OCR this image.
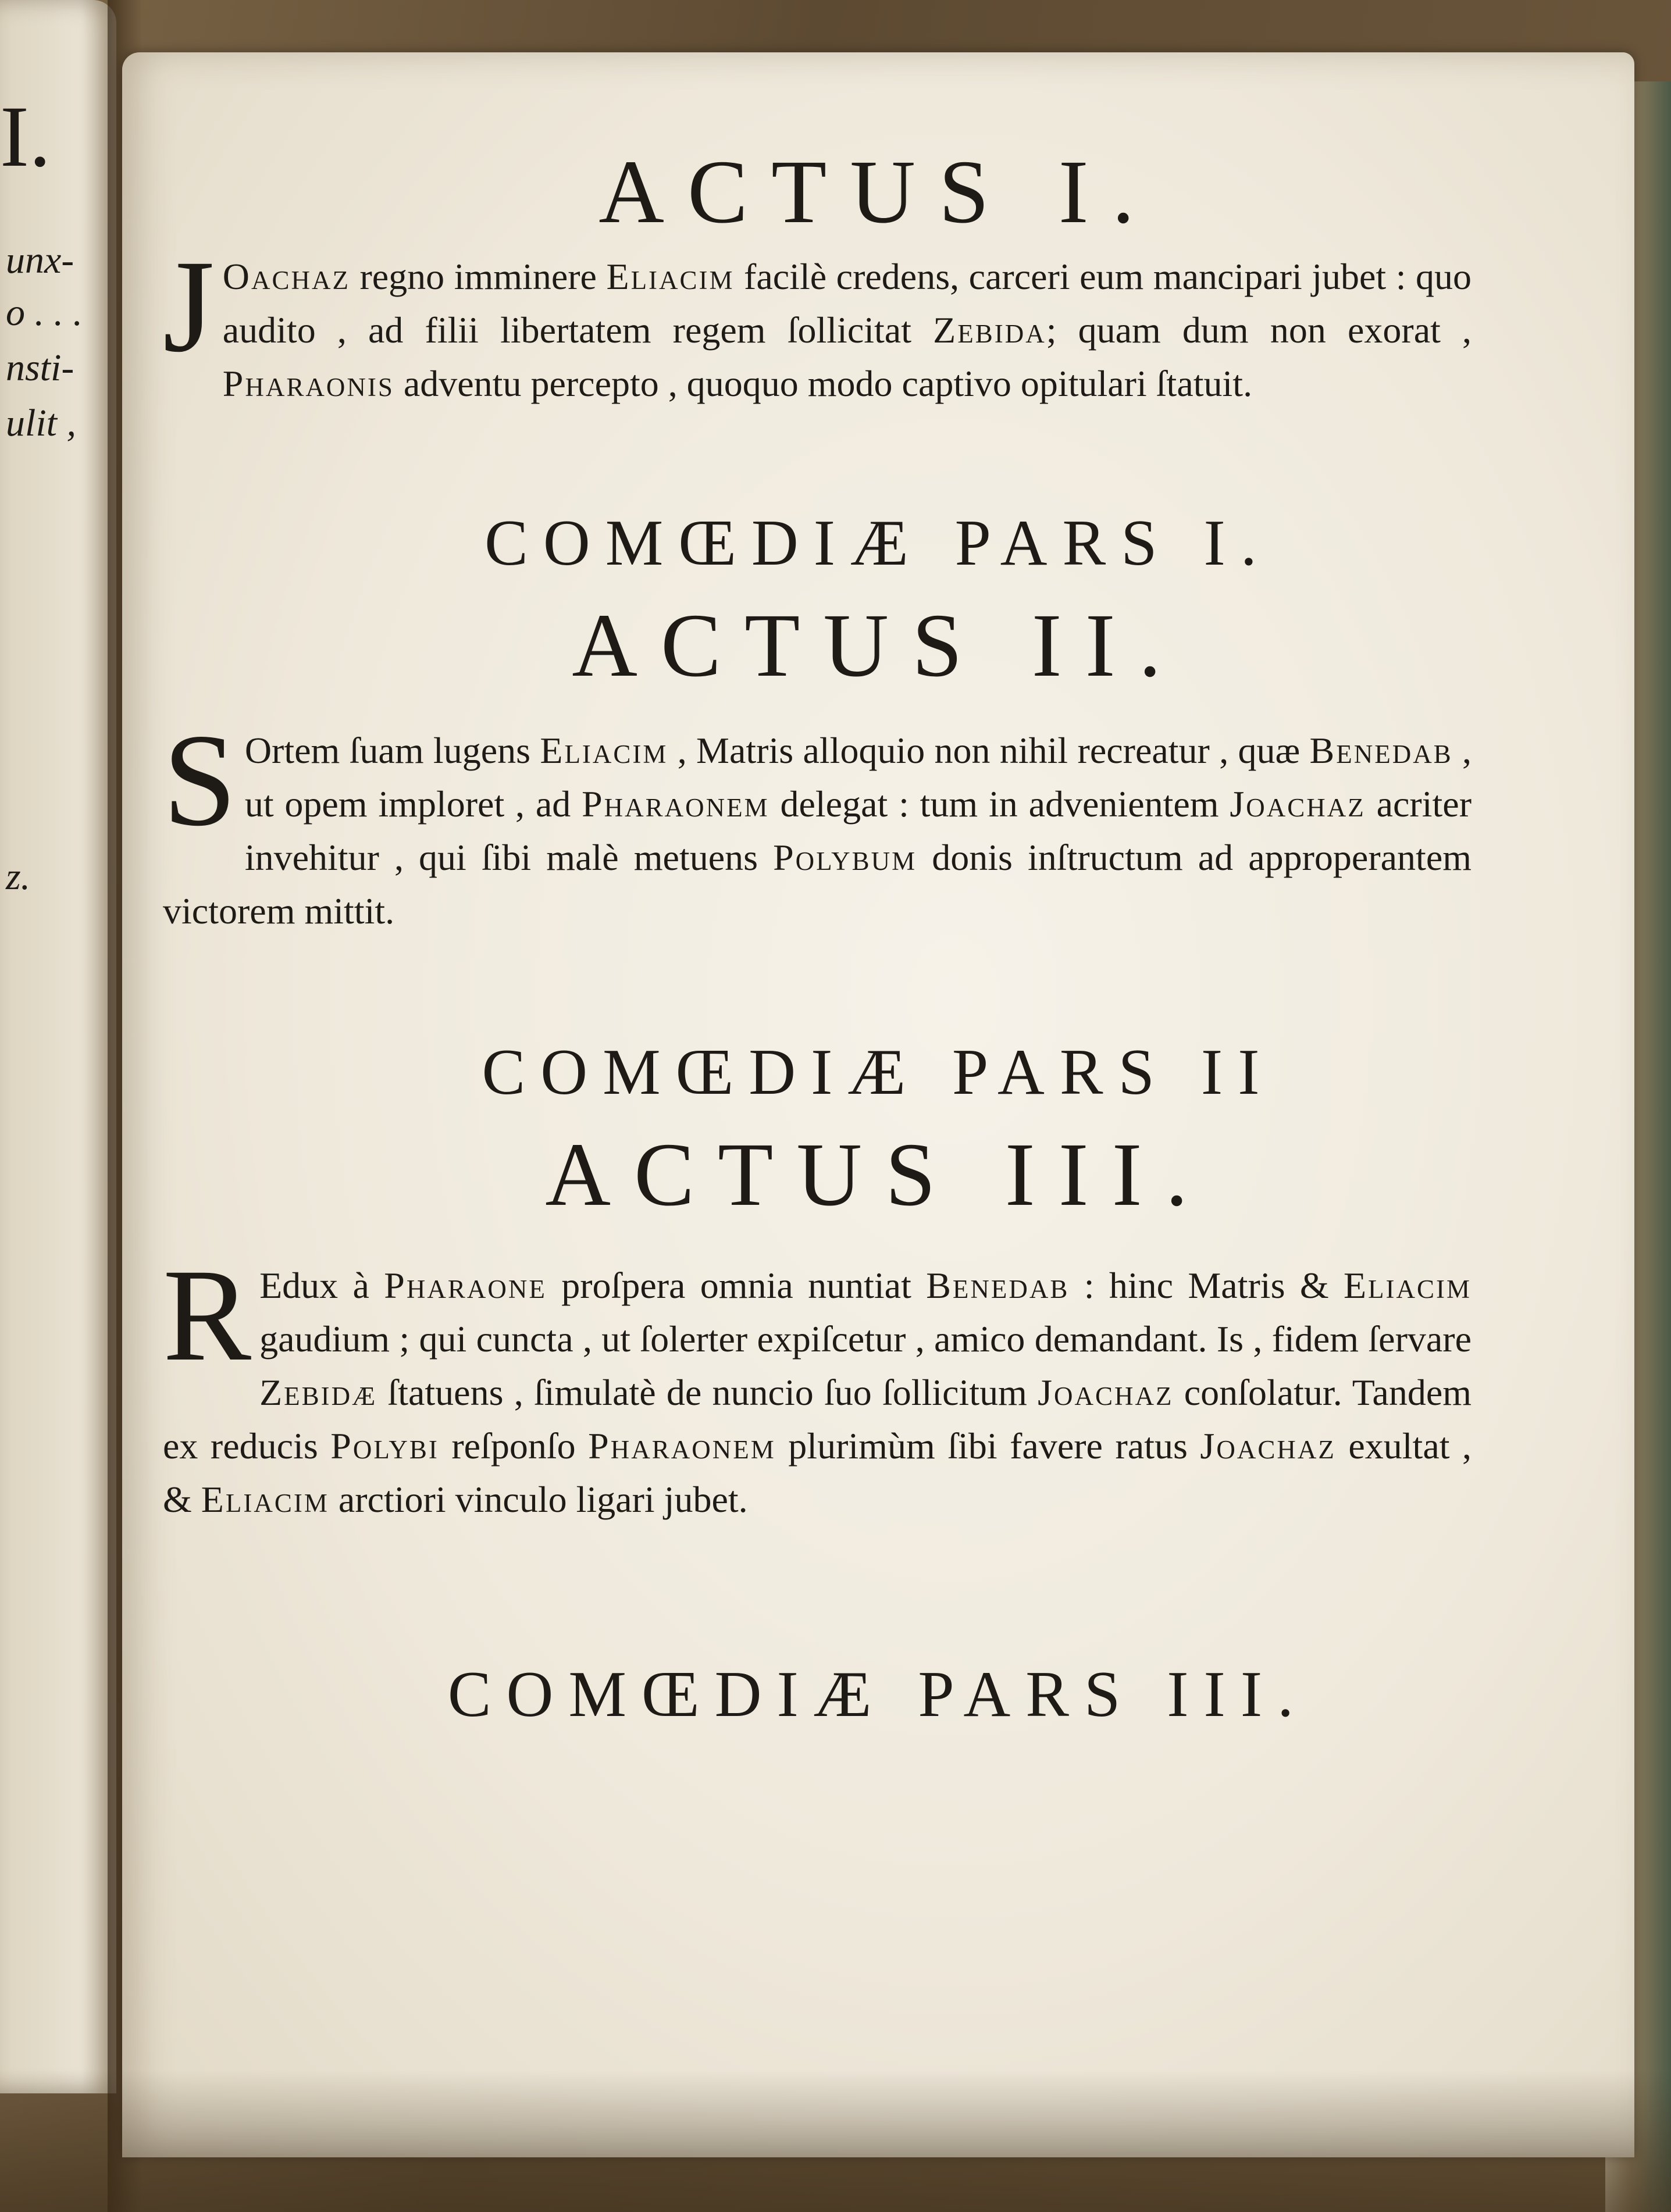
I.
unx-
o . . .
nsti-
ulit ,
z.
ACTUS I.
J Oachaz regno imminere Eliacim facilè credens, carceri eum mancipari jubet : quo audito , ad filii libertatem regem ſollicitat Zebida; quam dum non exorat , Pharaonis adventu percepto , quoquo modo captivo opitulari ſtatuit.
COMŒDIÆ PARS I.
ACTUS II.
S Ortem ſuam lugens Eliacim , Matris alloquio non nihil recreatur , quæ Benedab , ut opem imploret , ad Pharaonem delegat : tum in advenientem Joachaz acriter invehitur , qui ſibi malè metuens Polybum donis inſtructum ad approperantem victorem mittit.
COMŒDIÆ PARS II
ACTUS III.
R Edux à Pharaone proſpera omnia nuntiat Benedab : hinc Matris & Eliacim gaudium ; qui cuncta , ut ſolerter expiſcetur , amico demandant. Is , fidem ſervare Zebidæ ſtatuens , ſimulatè de nuncio ſuo ſollicitum Joachaz conſolatur. Tandem ex reducis Polybi reſponſo Pharaonem plurimùm ſibi favere ratus Joachaz exultat , & Eliacim arctiori vinculo ligari jubet.
COMŒDIÆ PARS III.
